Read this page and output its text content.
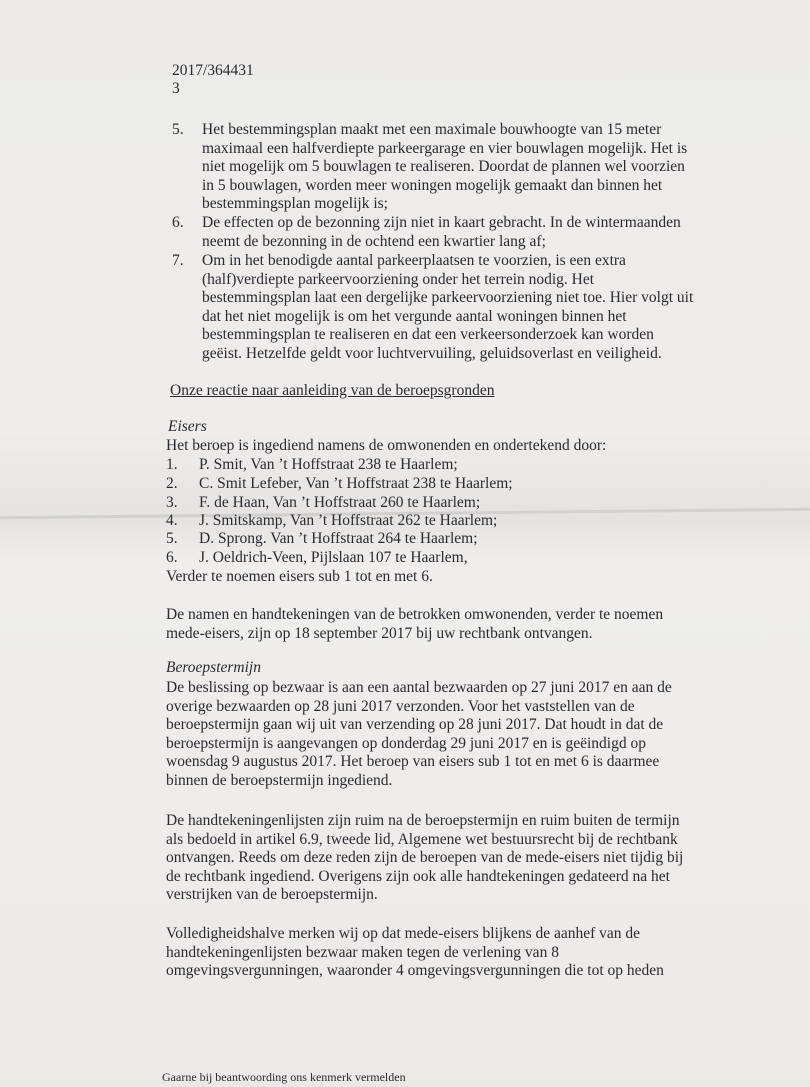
2017/364431
3
5. Het bestemmingsplan maakt met een maximale bouwhoogte van 15 meter
maximaal een halfverdiepte parkeergarage en vier bouwlagen mogelijk. Het is
niet mogelijk om 5 bouwlagen te realiseren. Doordat de plannen wel voorzien
in 5 bouwlagen, worden meer woningen mogelijk gemaakt dan binnen het
bestemmingsplan mogelijk is;
6. De effecten op de bezonning zijn niet in kaart gebracht. In de wintermaanden
neemt de bezonning in de ochtend een kwartier lang af;
7. Om in het benodigde aantal parkeerplaatsen te voorzien, is een extra
(half)verdiepte parkeervoorziening onder het terrein nodig. Het
bestemmingsplan laat een dergelijke parkeervoorziening niet toe. Hier volgt uit
dat het niet mogelijk is om het vergunde aantal woningen binnen het
bestemmingsplan te realiseren en dat een verkeersonderzoek kan worden
geëist. Hetzelfde geldt voor luchtvervuiling, geluidsoverlast en veiligheid.
Onze reactie naar aanleiding van de beroepsgronden
Eisers
Het beroep is ingediend namens de omwonenden en ondertekend door:
1. P. Smit, Van ’t Hoffstraat 238 te Haarlem;
2. C. Smit Lefeber, Van ’t Hoffstraat 238 te Haarlem;
3. F. de Haan, Van ’t Hoffstraat 260 te Haarlem;
4. J. Smitskamp, Van ’t Hoffstraat 262 te Haarlem;
5. D. Sprong. Van ’t Hoffstraat 264 te Haarlem;
6. J. Oeldrich-Veen, Pijlslaan 107 te Haarlem,
Verder te noemen eisers sub 1 tot en met 6.
De namen en handtekeningen van de betrokken omwonenden, verder te noemen
mede-eisers, zijn op 18 september 2017 bij uw rechtbank ontvangen.
Beroepstermijn
De beslissing op bezwaar is aan een aantal bezwaarden op 27 juni 2017 en aan de
overige bezwaarden op 28 juni 2017 verzonden. Voor het vaststellen van de
beroepstermijn gaan wij uit van verzending op 28 juni 2017. Dat houdt in dat de
beroepstermijn is aangevangen op donderdag 29 juni 2017 en is geëindigd op
woensdag 9 augustus 2017. Het beroep van eisers sub 1 tot en met 6 is daarmee
binnen de beroepstermijn ingediend.
De handtekeningenlijsten zijn ruim na de beroepstermijn en ruim buiten de termijn
als bedoeld in artikel 6.9, tweede lid, Algemene wet bestuursrecht bij de rechtbank
ontvangen. Reeds om deze reden zijn de beroepen van de mede-eisers niet tijdig bij
de rechtbank ingediend. Overigens zijn ook alle handtekeningen gedateerd na het
verstrijken van de beroepstermijn.
Volledigheidshalve merken wij op dat mede-eisers blijkens de aanhef van de
handtekeningenlijsten bezwaar maken tegen de verlening van 8
omgevingsvergunningen, waaronder 4 omgevingsvergunningen die tot op heden
Gaarne bij beantwoording ons kenmerk vermelden
